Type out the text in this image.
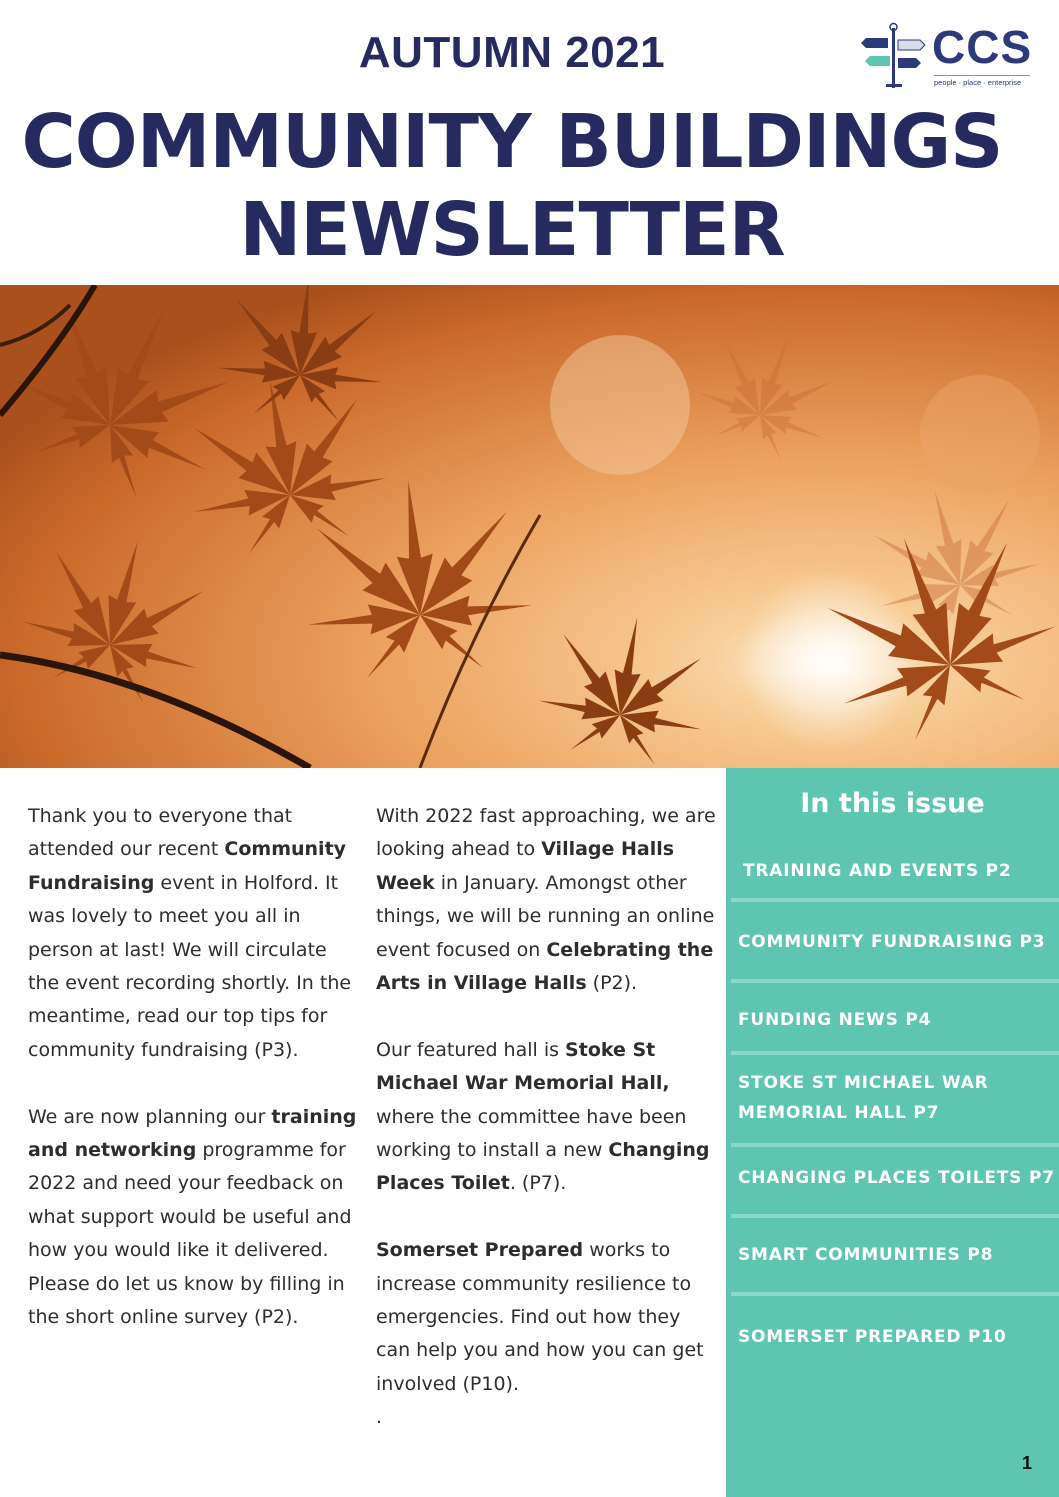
AUTUMN 2021
COMMUNITY BUILDINGS
NEWSLETTER
CCS
people · place · enterprise

Thank you to everyone that attended our recent Community Fundraising event in Holford. It was lovely to meet you all in person at last! We will circulate the event recording shortly. In the meantime, read our top tips for community fundraising (P3).

We are now planning our training and networking programme for 2022 and need your feedback on what support would be useful and how you would like it delivered. Please do let us know by filling in the short online survey (P2).

With 2022 fast approaching, we are looking ahead to Village Halls Week in January. Amongst other things, we will be running an online event focused on Celebrating the Arts in Village Halls (P2).

Our featured hall is Stoke St Michael War Memorial Hall, where the committee have been working to install a new Changing Places Toilet. (P7).

Somerset Prepared works to increase community resilience to emergencies. Find out how they can help you and how you can get involved (P10).

.
In this issue
TRAINING AND EVENTS P2
COMMUNITY FUNDRAISING P3
FUNDING NEWS P4
STOKE ST MICHAEL WAR
MEMORIAL HALL P7
CHANGING PLACES TOILETS P7
SMART COMMUNITIES P8
SOMERSET PREPARED P10
1
